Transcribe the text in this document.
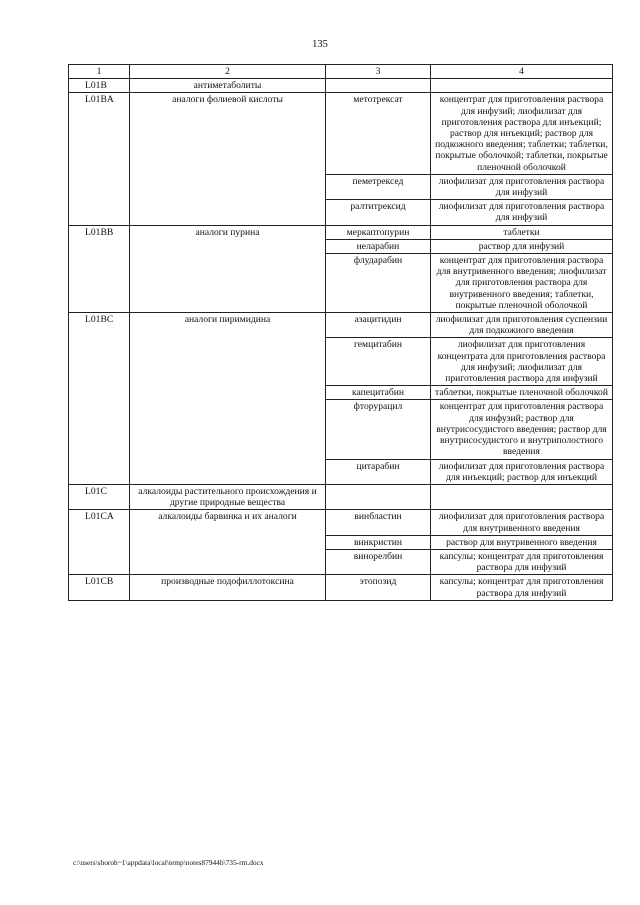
135
1	2	3	4
L01B	антиметаболиты		
L01BA	аналоги фолиевой кислоты	метотрексат	концентрат для приготовления раствора для инфузий; лиофилизат для приготовления раствора для инъекций; раствор для инъекций; раствор для подкожного введения; таблетки; таблетки, покрытые оболочкой; таблетки, покрытые пленочной оболочкой
		пеметрексед	лиофилизат для приготовления раствора для инфузий
		ралтитрексид	лиофилизат для приготовления раствора для инфузий
L01BB	аналоги пурина	меркаптопурин	таблетки
		неларабин	раствор для инфузий
		флударабин	концентрат для приготовления раствора для внутривенного введения; лиофилизат для приготовления раствора для внутривенного введения; таблетки, покрытые пленочной оболочкой
L01BC	аналоги пиримидина	азацитидин	лиофилизат для приготовления суспензии для подкожного введения
		гемцитабин	лиофилизат для приготовления концентрата для приготовления раствора для инфузий; лиофилизат для приготовления раствора для инфузий
		капецитабин	таблетки, покрытые пленочной оболочкой
		фторурацил	концентрат для приготовления раствора для инфузий; раствор для внутрисосудистого введения; раствор для внутрисосудистого и внутриполостного введения
		цитарабин	лиофилизат для приготовления раствора для инъекций; раствор для инъекций
L01C	алкалоиды растительного происхождения и другие природные вещества		
L01CA	алкалоиды барвинка и их аналоги	винбластин	лиофилизат для приготовления раствора для внутривенного введения
		винкристин	раствор для внутривенного введения
		винорелбин	капсулы; концентрат для приготовления раствора для инфузий
L01CB	производные подофиллотоксина	этопозид	капсулы; концентрат для приготовления раствора для инфузий
c:\users\shoroh~1\appdata\local\temp\notes87944b\735-rm.docx
